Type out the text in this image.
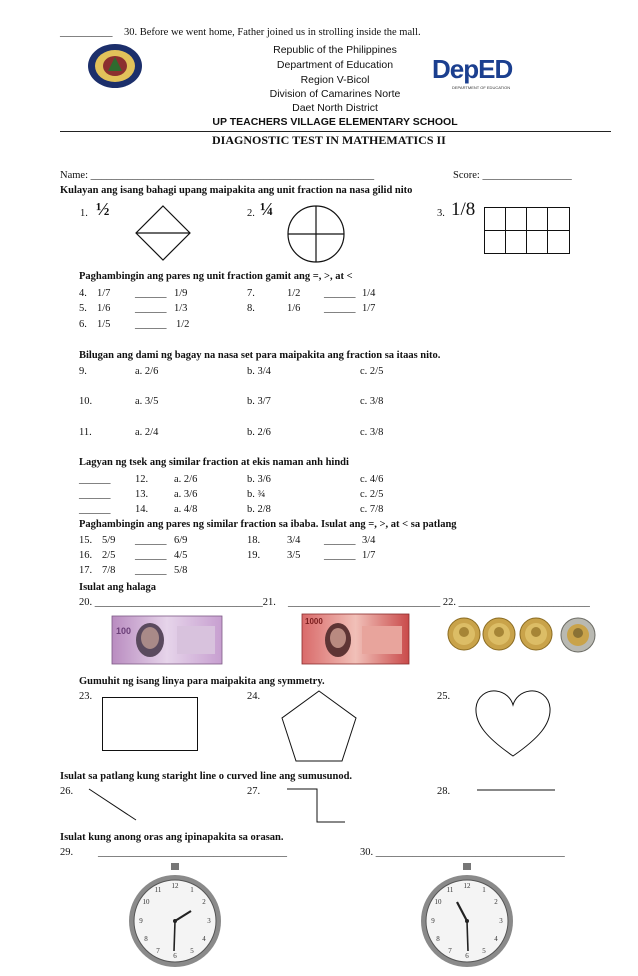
__________ 30. Before we went home, Father joined us in strolling inside the mall.
Republic of the Philippines
Department of Education
Region V-Bicol
Division of Camarines Norte
Daet North District
UP TEACHERS VILLAGE ELEMENTARY SCHOOL
DepED
DEPARTMENT OF EDUCATION
DIAGNOSTIC TEST IN MATHEMATICS II
Name: ______________________________________________________	Score: _________________
Kulayan ang isang bahagi upang maipakita ang unit fraction na nasa gilid nito
1. ½	2. ¼	3. 1/8
Paghambingin ang pares ng unit fraction gamit ang =, >, at <
4. 1/7 ______ 1/9	7.	1/2 ______ 1/4
5. 1/6 ______ 1/3	8.	1/6 ______ 1/7
6. 1/5 ______ 1/2
Bilugan ang dami ng bagay na nasa set para maipakita ang fraction sa itaas nito.
9.	a. 2/6	b. 3/4	c. 2/5
10.	a. 3/5	b. 3/7	c. 3/8
11.	a. 2/4	b. 2/6	c. 3/8
Lagyan ng tsek ang similar fraction at ekis naman anh hindi
______ 12. a. 2/6	b. 3/6	c. 4/6
______ 13. a. 3/6	b. ¾	c. 2/5
______ 14. a. 4/8	b. 2/8	c. 7/8
Paghambingin ang pares ng similar fraction sa ibaba. Isulat ang =, >, at < sa patlang
15. 5/9 ______ 6/9	18.	3/4 ______ 3/4
16. 2/5 ______ 4/5	19.	3/5 ______ 1/7
17. 7/8 ______ 5/8
Isulat ang halaga
20. ________________________________21. _____________________________ 22. _________________________
100
1000
Gumuhit ng isang linya para maipakita ang symmetry.
23.	24.	25.
Isulat sa patlang kung staright line o curved line ang sumusunod.
26.	27.	28.
Isulat kung anong oras ang ipinapakita sa orasan.
29. ____________________________________	30. ____________________________________
12 1
2
3
4
5
6
7
8
9
10
11	12 1
2
3
4
5
6
7
8
9
10
11
